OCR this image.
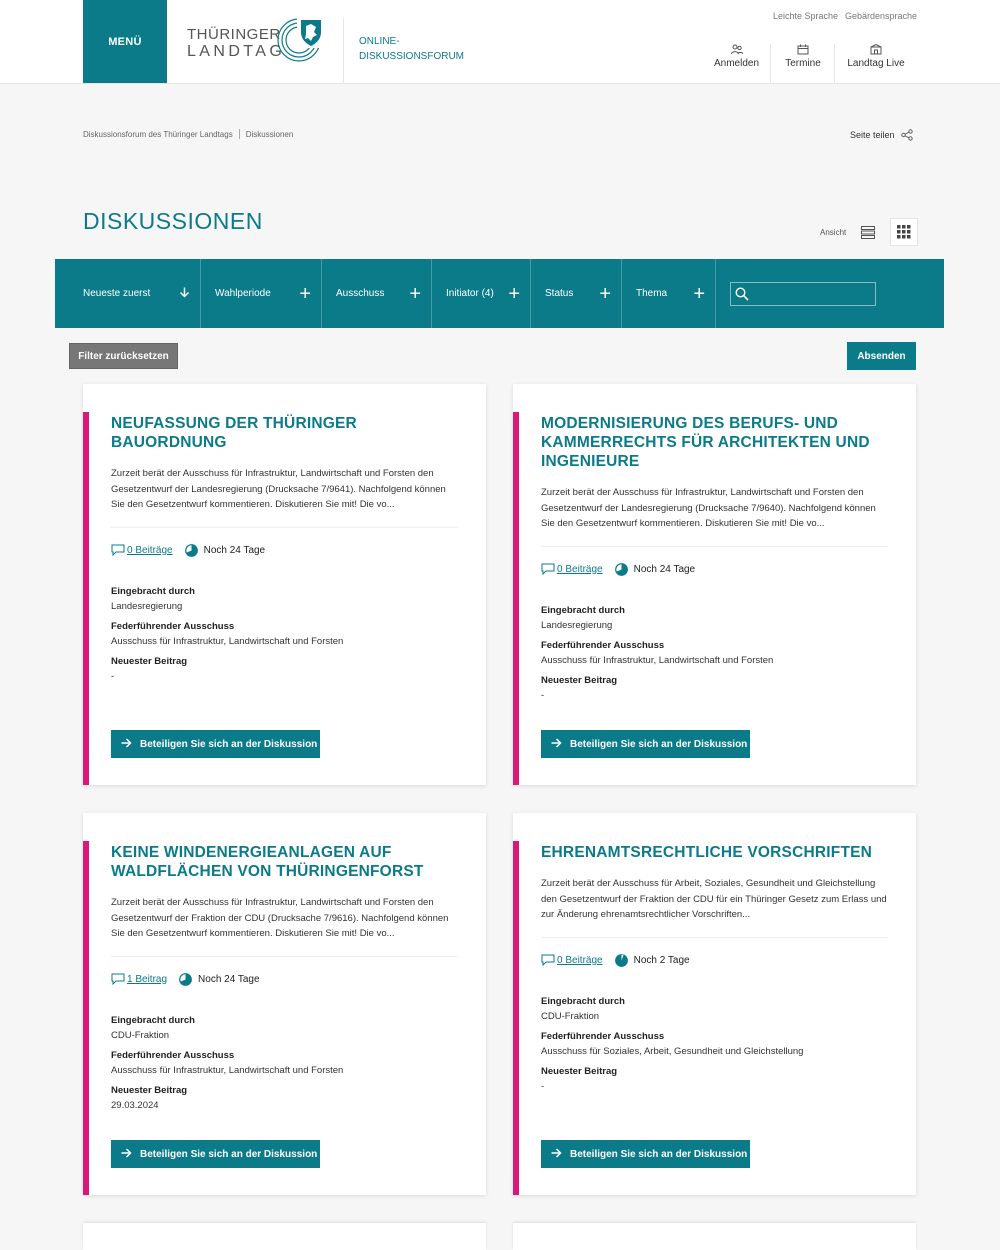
MENÜ	THÜRINGER
LANDTAG
ONLINE-
DISKUSSIONSFORUM
Leichte Sprache Gebärdensprache
Anmelden	Termine	Landtag Live
Diskussionsforum des Thüringer Landtags Diskussionen	Seite teilen
DISKUSSIONEN	Ansicht
Neueste zuerst	Wahlperiode +	Ausschuss +	Initiator (4) +	Status +	Thema +
Filter zurücksetzen	Absenden
NEUFASSUNG DER THÜRINGER BAUORDNUNG
Zurzeit berät der Ausschuss für Infrastruktur, Landwirtschaft und Forsten den Gesetzentwurf der Landesregierung (Drucksache 7/9641). Nachfolgend können Sie den Gesetzentwurf kommentieren. Diskutieren Sie mit! Die vo...
0 Beiträge	Noch 24 Tage
Eingebracht durch
Landesregierung
Federführender Ausschuss
Ausschuss für Infrastruktur, Landwirtschaft und Forsten
Neuester Beitrag
-
Beteiligen Sie sich an der Diskussion
MODERNISIERUNG DES BERUFS- UND KAMMERRECHTS FÜR ARCHITEKTEN UND INGENIEURE
Zurzeit berät der Ausschuss für Infrastruktur, Landwirtschaft und Forsten den Gesetzentwurf der Landesregierung (Drucksache 7/9640). Nachfolgend können Sie den Gesetzentwurf kommentieren. Diskutieren Sie mit! Die vo...
0 Beiträge	Noch 24 Tage
Eingebracht durch
Landesregierung
Federführender Ausschuss
Ausschuss für Infrastruktur, Landwirtschaft und Forsten
Neuester Beitrag
-
Beteiligen Sie sich an der Diskussion
KEINE WINDENERGIEANLAGEN AUF WALDFLÄCHEN VON THÜRINGENFORST
Zurzeit berät der Ausschuss für Infrastruktur, Landwirtschaft und Forsten den Gesetzentwurf der Fraktion der CDU (Drucksache 7/9616). Nachfolgend können Sie den Gesetzentwurf kommentieren. Diskutieren Sie mit! Die vo...
1 Beitrag	Noch 24 Tage
Eingebracht durch
CDU-Fraktion
Federführender Ausschuss
Ausschuss für Infrastruktur, Landwirtschaft und Forsten
Neuester Beitrag
29.03.2024
Beteiligen Sie sich an der Diskussion
EHRENAMTSRECHTLICHE VORSCHRIFTEN
Zurzeit berät der Ausschuss für Arbeit, Soziales, Gesundheit und Gleichstellung den Gesetzentwurf der Fraktion der CDU für ein Thüringer Gesetz zum Erlass und zur Änderung ehrenamtsrechtlicher Vorschriften...
0 Beiträge	Noch 2 Tage
Eingebracht durch
CDU-Fraktion
Federführender Ausschuss
Ausschuss für Soziales, Arbeit, Gesundheit und Gleichstellung
Neuester Beitrag
-
Beteiligen Sie sich an der Diskussion
